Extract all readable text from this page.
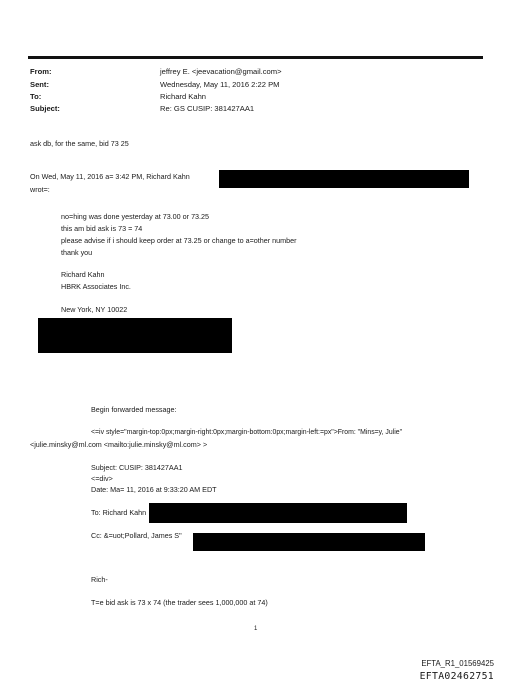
From:	jeffrey E. <jeevacation@gmail.com>
Sent:	Wednesday, May 11, 2016 2:22 PM
To:	Richard Kahn
Subject:	Re: GS CUSIP: 381427AA1
ask db, for the same, bid 73 25
On Wed, May 11, 2016 a= 3:42 PM, Richard Kahn
wrot=:
no=hing was done yesterday at 73.00 or 73.25
this am bid ask is 73 = 74
please advise if i should keep order at 73.25 or change to a=other number
thank you
Richard Kahn
HBRK Associates Inc.
New York, NY 10022
Begin forwarded message:
<=iv style="margin-top:0px;margin-right:0px;margin-bottom:0px;margin-left:=px">From: "Mins=y, Julie"
<julie.minsky@ml.com <mailto:julie.minsky@ml.com> >
Subject: CUSIP: 381427AA1
<=div>
Date: Ma= 11, 2016 at 9:33:20 AM EDT
To: Richard Kahn
Cc: &=uot;Pollard, James S"
Rich-
T=e bid ask is 73 x 74 (the trader sees 1,000,000 at 74)
1
EFTA_R1_01569425
EFTA02462751
